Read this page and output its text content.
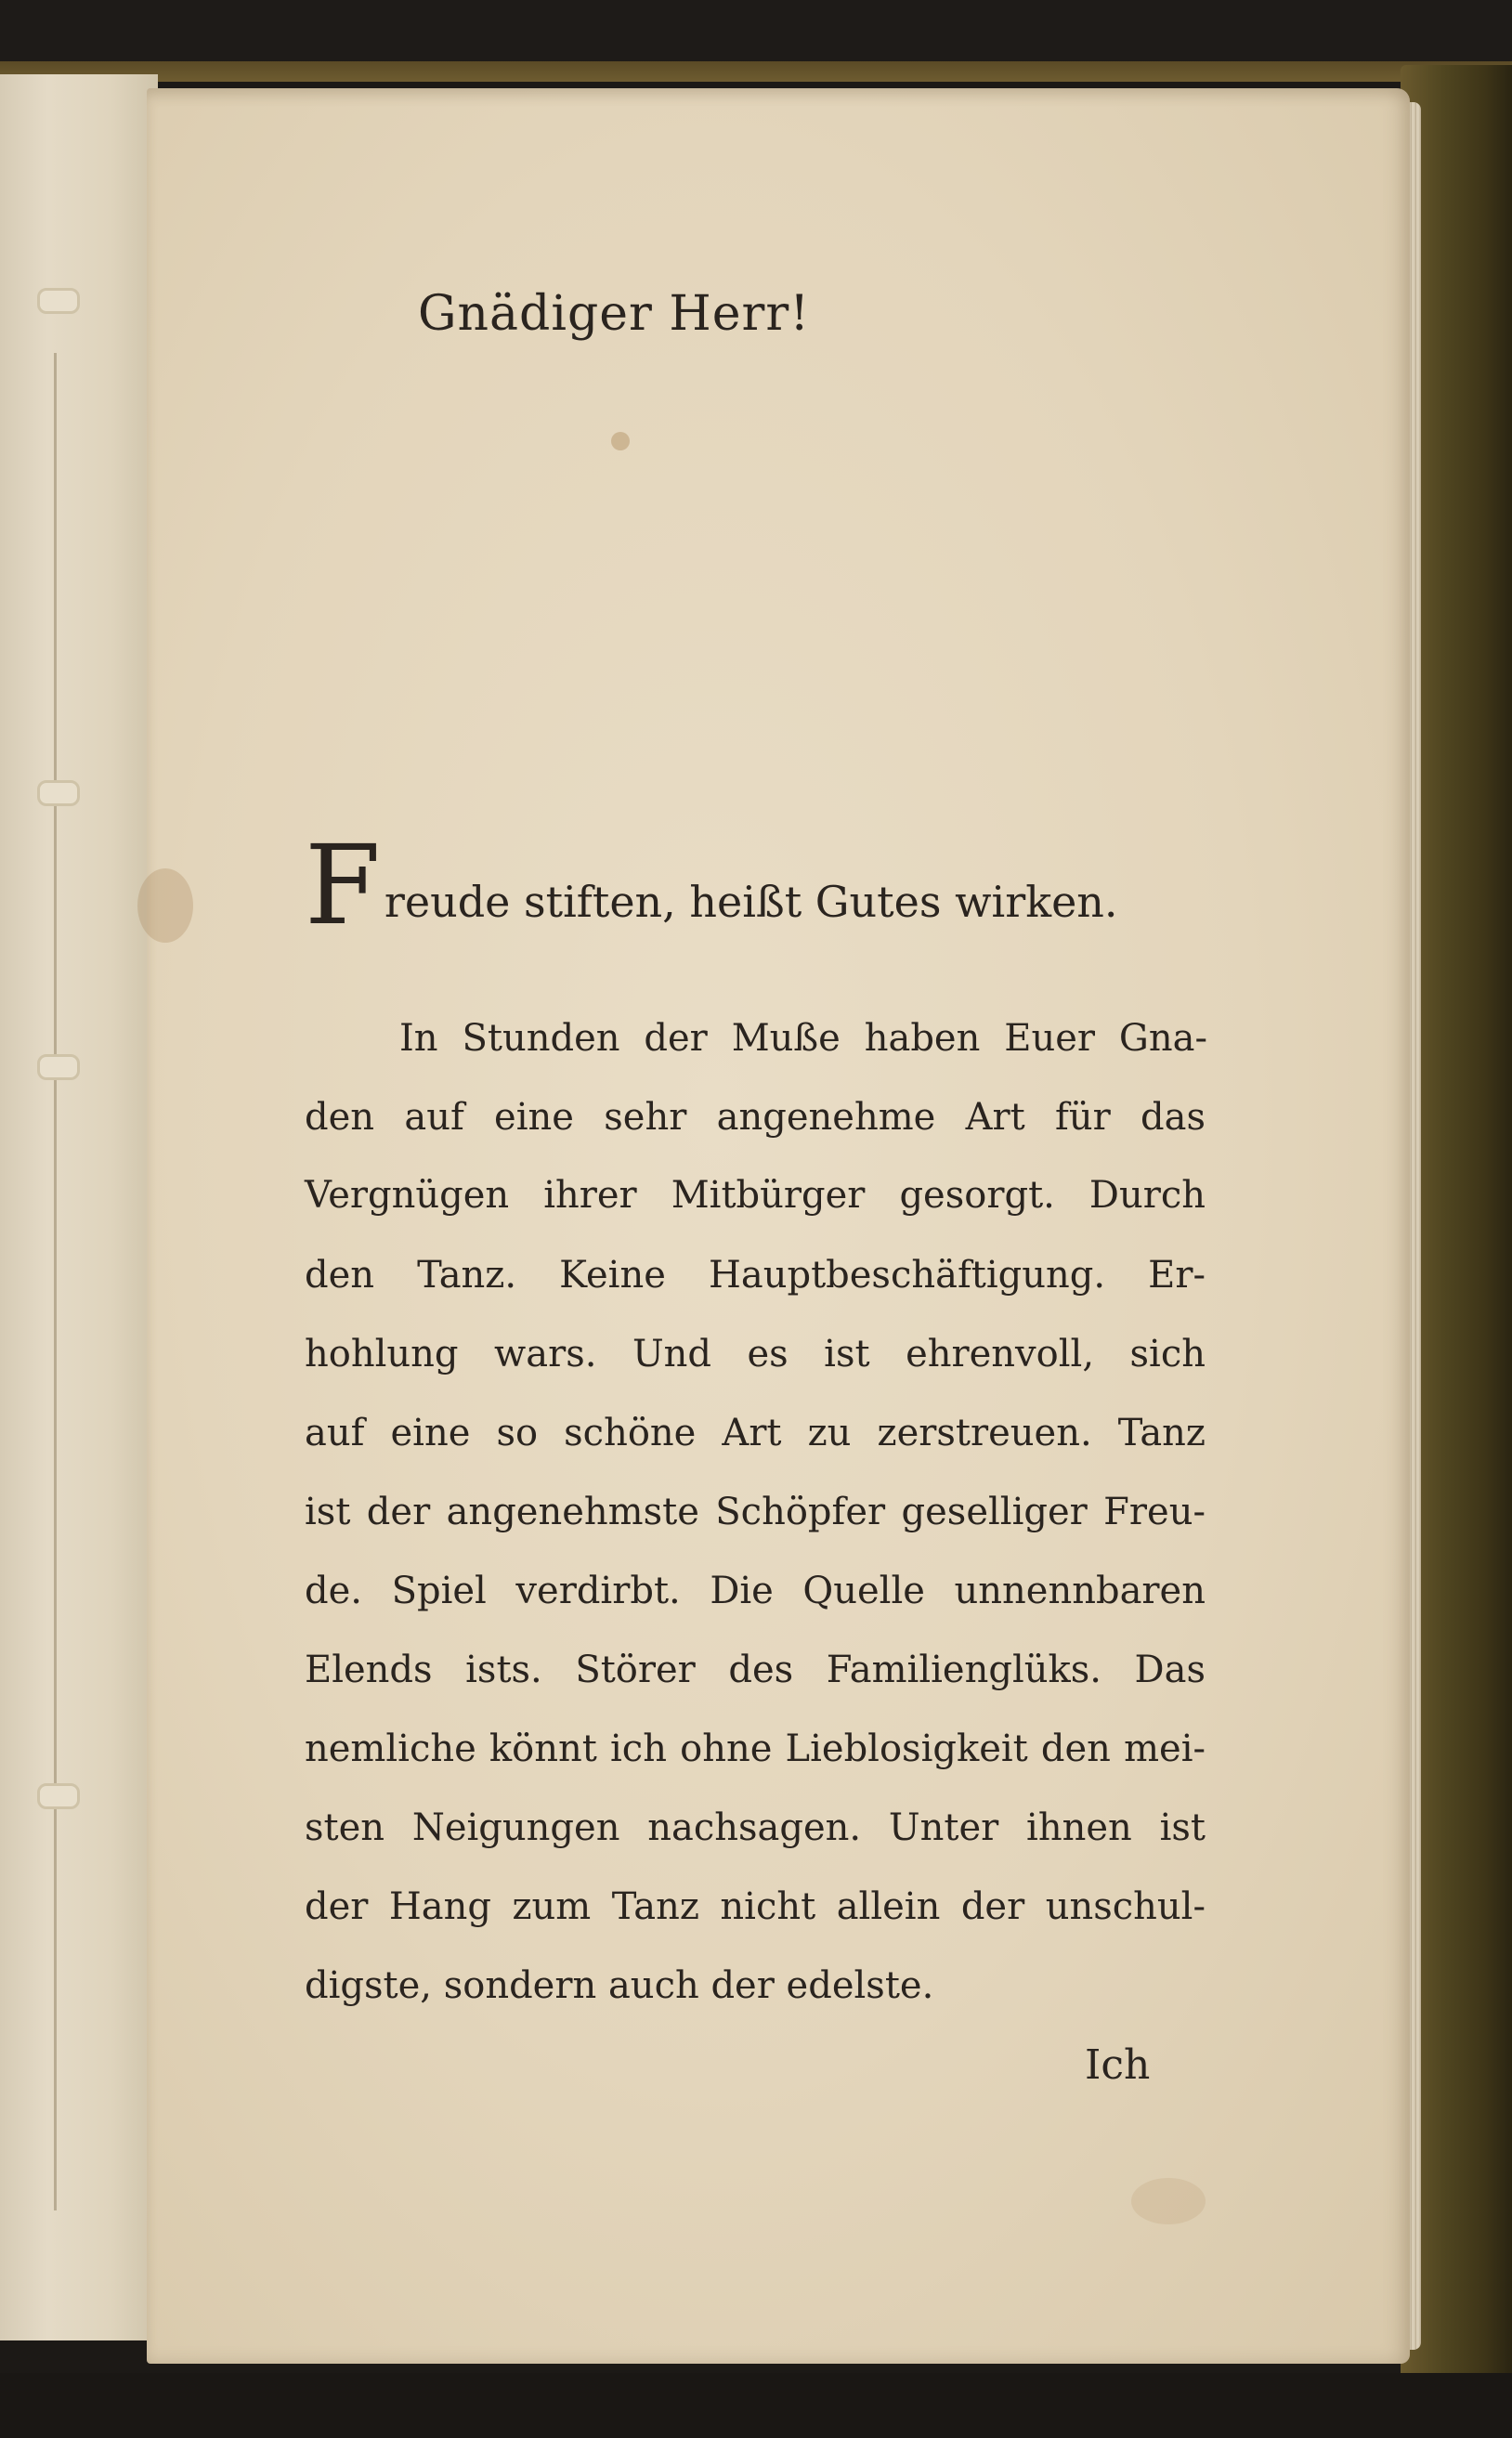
Gnädiger Herr!
F reude stiften, heißt Gutes wirken.
In Stunden der Muße haben Euer Gna-
den auf eine sehr angenehme Art für das
Vergnügen ihrer Mitbürger gesorgt. Durch
den Tanz. Keine Hauptbeschäftigung. Er-
hohlung wars. Und es ist ehrenvoll, sich
auf eine so schöne Art zu zerstreuen. Tanz
ist der angenehmste Schöpfer geselliger Freu-
de. Spiel verdirbt. Die Quelle unnennbaren
Elends ists. Störer des Familienglüks. Das
nemliche könnt ich ohne Lieblosigkeit den mei-
sten Neigungen nachsagen. Unter ihnen ist
der Hang zum Tanz nicht allein der unschul-
digste, sondern auch der edelste.
Ich
